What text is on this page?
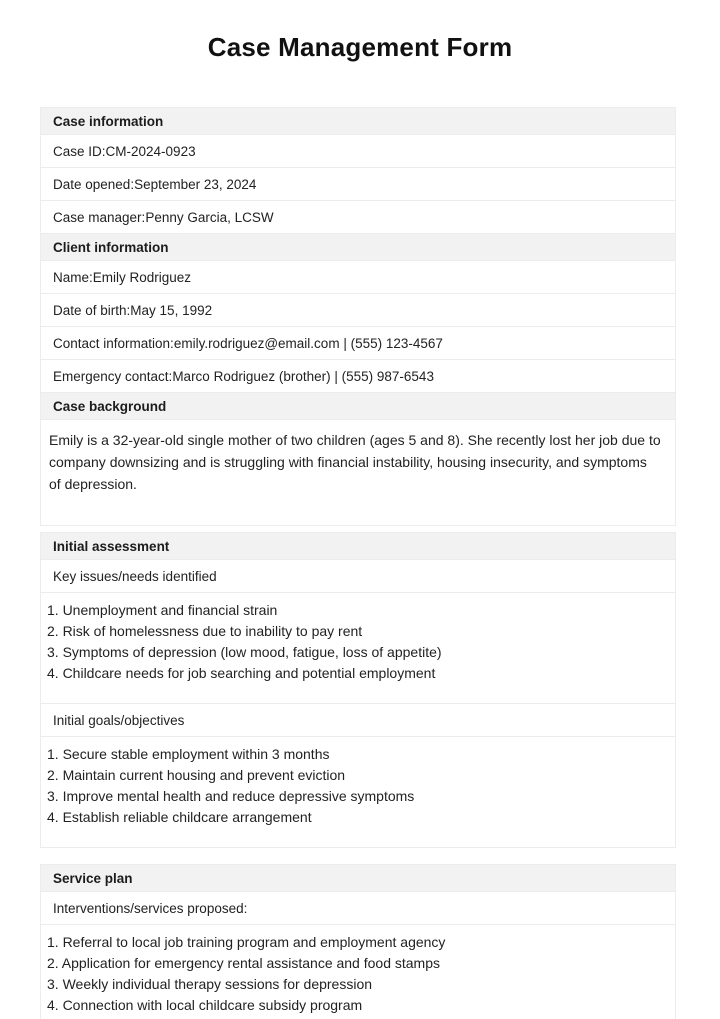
Case Management Form
Case information
Case ID:CM-2024-0923
Date opened:September 23, 2024
Case manager:Penny Garcia, LCSW
Client information
Name:Emily Rodriguez
Date of birth:May 15, 1992
Contact information:emily.rodriguez@email.com | (555) 123-4567
Emergency contact:Marco Rodriguez (brother) | (555) 987-6543
Case background
Emily is a 32-year-old single mother of two children (ages 5 and 8). She recently lost her job due to company downsizing and is struggling with financial instability, housing insecurity, and symptoms of depression.
Initial assessment
Key issues/needs identified
1. Unemployment and financial strain
2. Risk of homelessness due to inability to pay rent
3. Symptoms of depression (low mood, fatigue, loss of appetite)
4. Childcare needs for job searching and potential employment
Initial goals/objectives
1. Secure stable employment within 3 months
2. Maintain current housing and prevent eviction
3. Improve mental health and reduce depressive symptoms
4. Establish reliable childcare arrangement
Service plan
Interventions/services proposed:
1. Referral to local job training program and employment agency
2. Application for emergency rental assistance and food stamps
3. Weekly individual therapy sessions for depression
4. Connection with local childcare subsidy program
